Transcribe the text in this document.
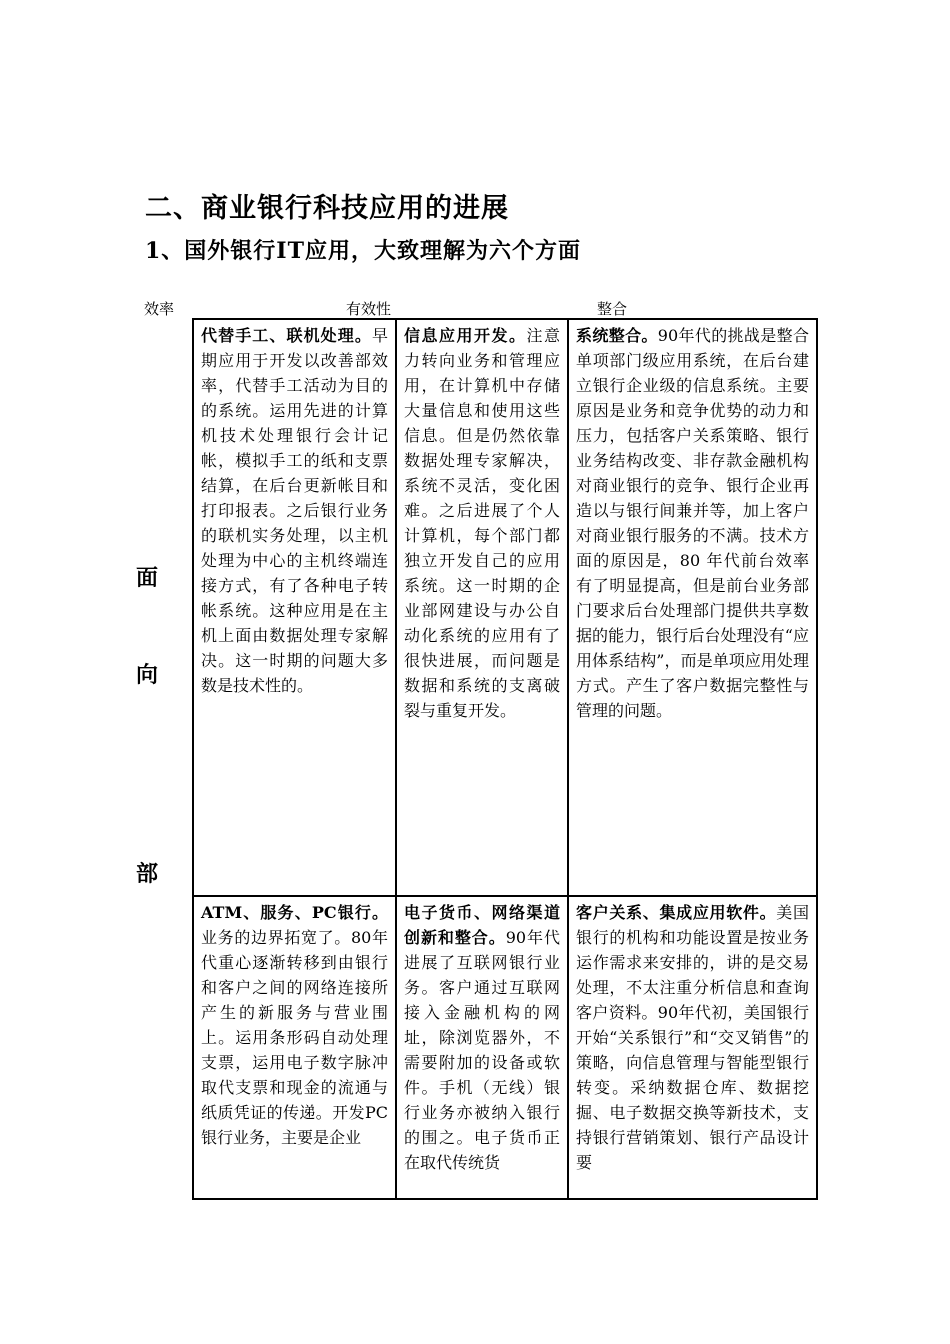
二、商业银行科技应用的进展
1、国外银行IT应用，大致理解为六个方面
效率	有效性	整合
面
向
部
代替手工、联机处理。早期应用于开发以改善部效率，代替手工活动为目的的系统。运用先进的计算机技术处理银行会计记帐，模拟手工的纸和支票结算，在后台更新帐目和打印报表。之后银行业务的联机实务处理，以主机处理为中心的主机终端连接方式，有了各种电子转帐系统。这种应用是在主机上面由数据处理专家解决。这一时期的问题大多数是技术性的。	信息应用开发。注意力转向业务和管理应用，在计算机中存储大量信息和使用这些信息。但是仍然依靠数据处理专家解决，系统不灵活，变化困难。之后进展了个人计算机，每个部门都独立开发自己的应用系统。这一时期的企业部网建设与办公自动化系统的应用有了很快进展，而问题是数据和系统的支离破裂与重复开发。	系统整合。90年代的挑战是整合单项部门级应用系统，在后台建立银行企业级的信息系统。主要原因是业务和竞争优势的动力和压力，包括客户关系策略、银行业务结构改变、非存款金融机构对商业银行的竞争、银行企业再造以与银行间兼并等，加上客户对商业银行服务的不满。技术方面的原因是，80 年代前台效率有了明显提高，但是前台业务部门要求后台处理部门提供共享数据的能力，银行后台处理没有“应用体系结构”，而是单项应用处理方式。产生了客户数据完整性与管理的问题。
ATM、服务、PC银行。业务的边界拓宽了。80年代重心逐渐转移到由银行和客户之间的网络连接所产生的新服务与营业围上。运用条形码自动处理支票，运用电子数字脉冲取代支票和现金的流通与纸质凭证的传递。开发PC银行业务，主要是企业	电子货币、网络渠道创新和整合。90年代进展了互联网银行业务。客户通过互联网接入金融机构的网址，除浏览器外，不需要附加的设备或软件。手机（无线）银行业务亦被纳入银行的围之。电子货币正在取代传统货	客户关系、集成应用软件。美国银行的机构和功能设置是按业务运作需求来安排的，讲的是交易处理，不太注重分析信息和查询客户资料。90年代初，美国银行开始“关系银行”和“交叉销售”的策略，向信息管理与智能型银行转变。采纳数据仓库、数据挖掘、电子数据交换等新技术，支持银行营销策划、银行产品设计要
